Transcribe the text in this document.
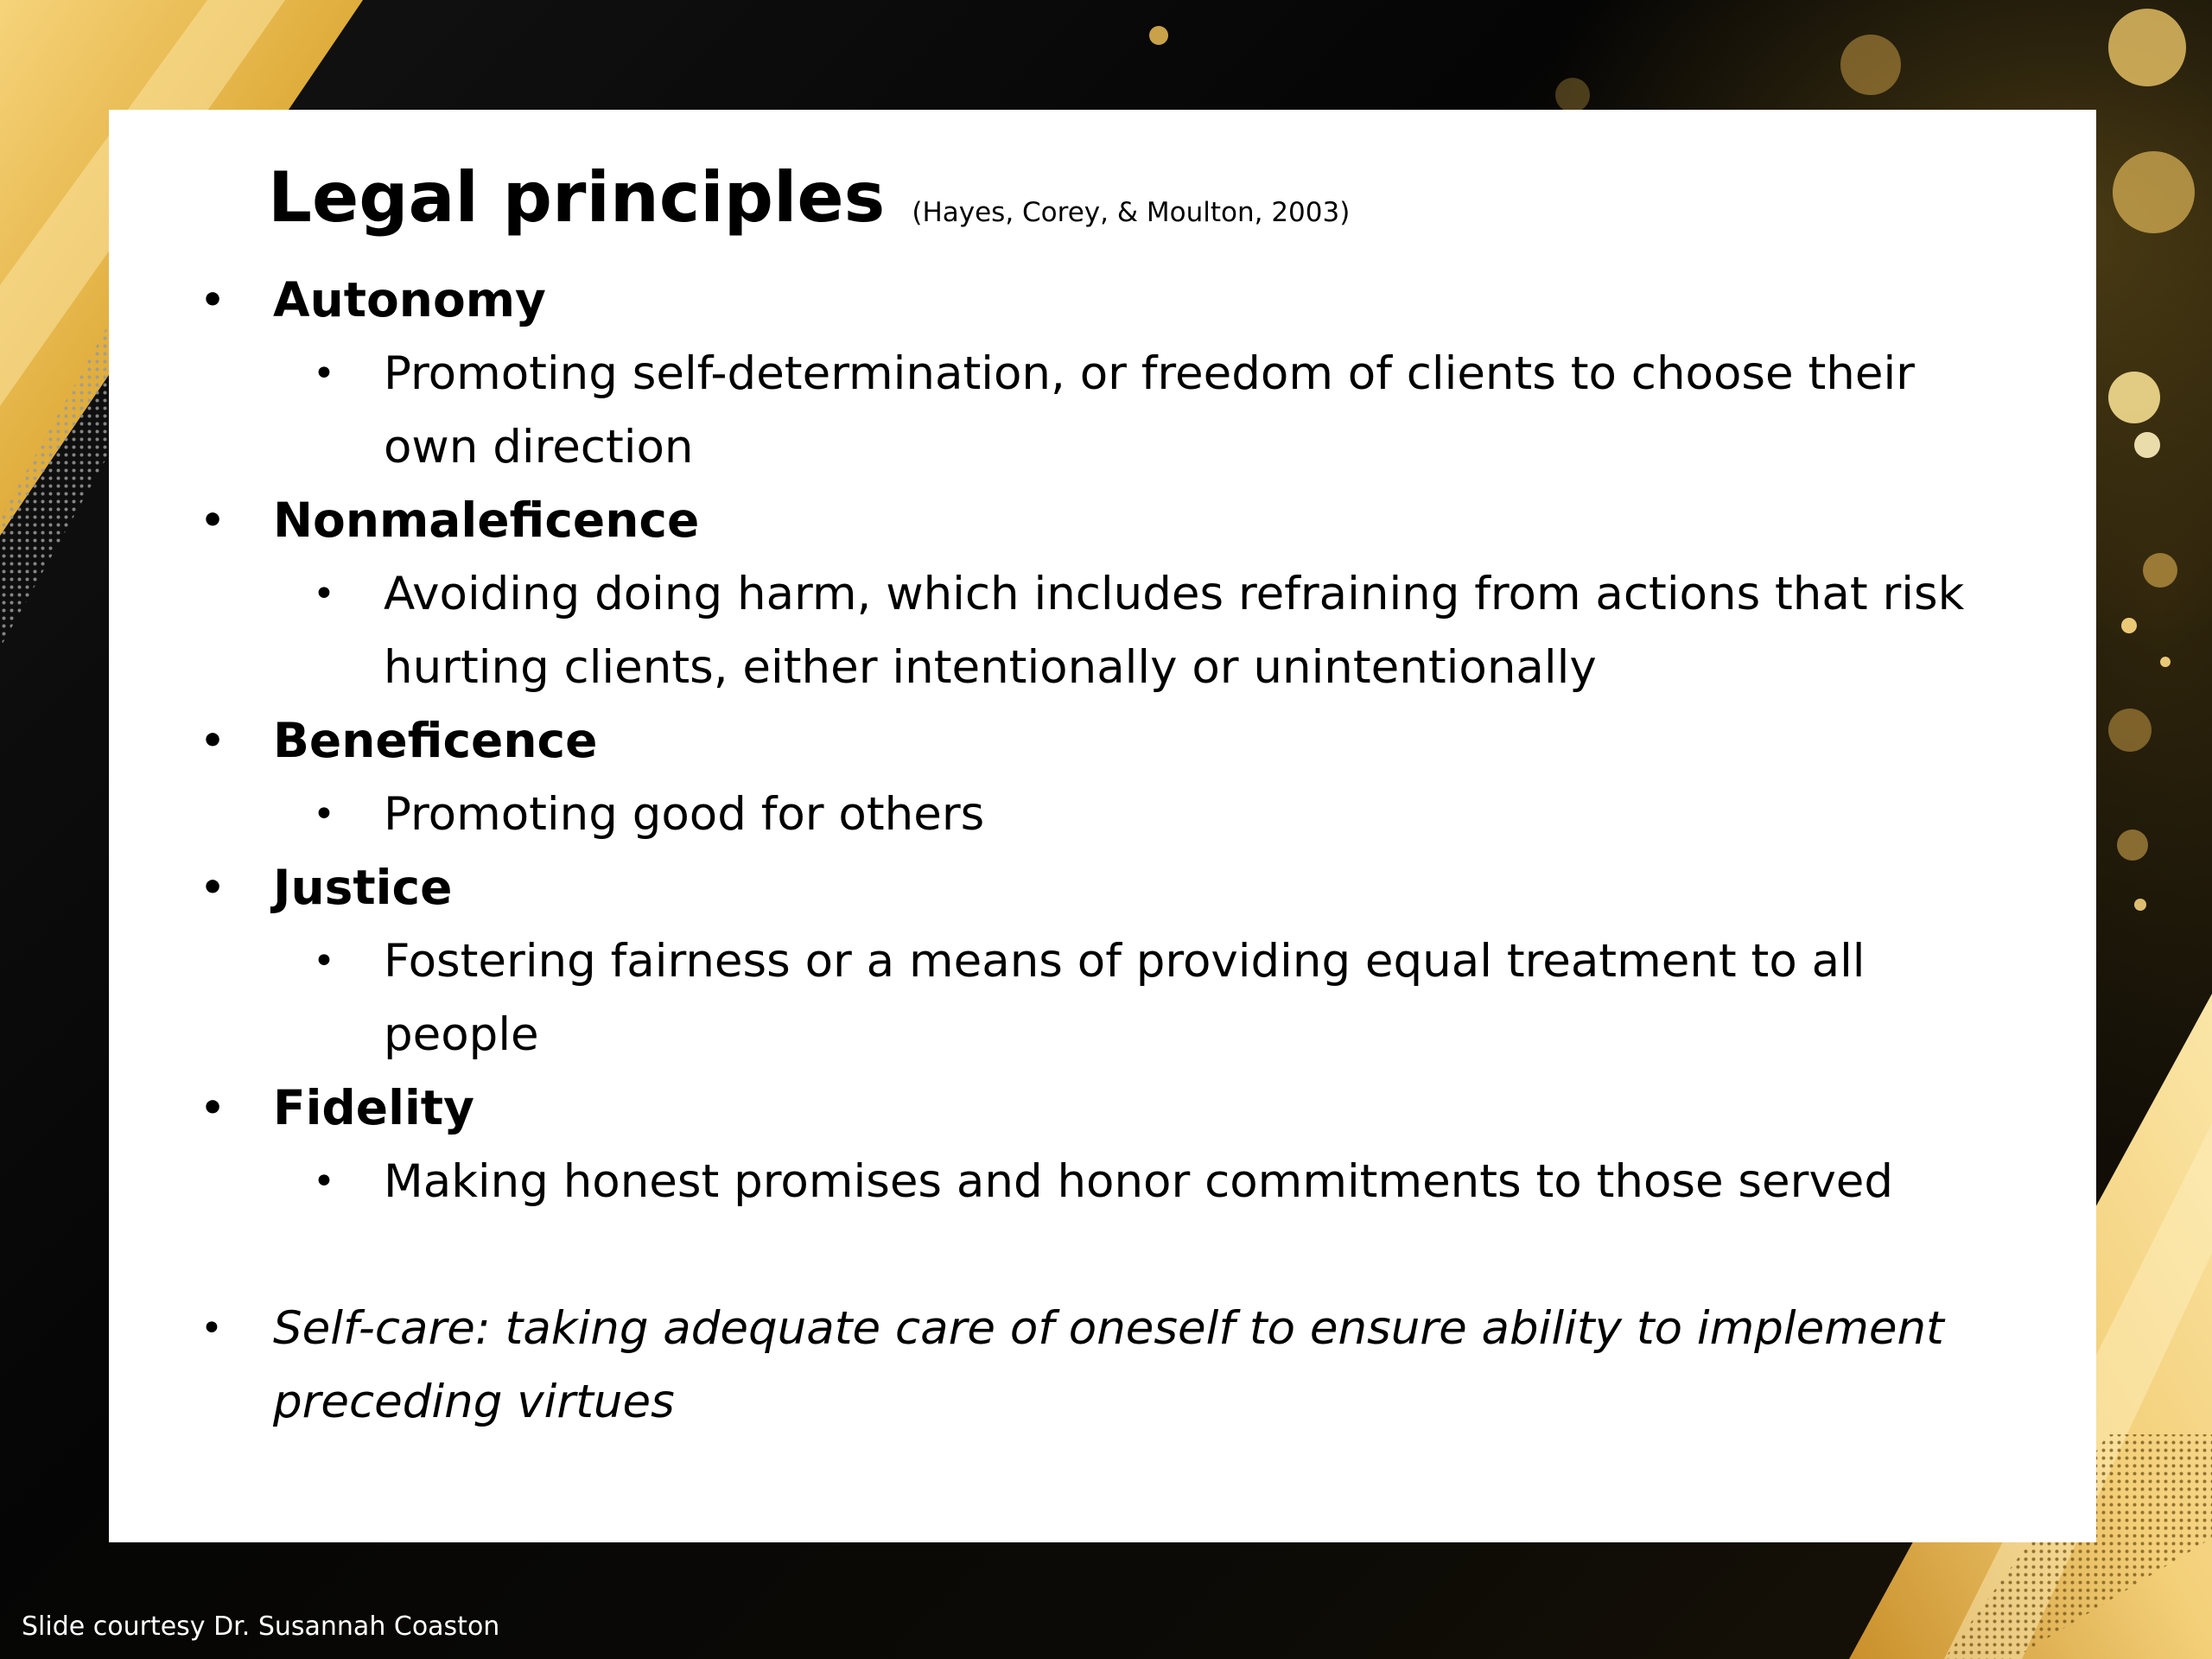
Legal principles (Hayes, Corey, & Moulton, 2003)
• Autonomy
• Promoting self-determination, or freedom of clients to choose their
own direction
• Nonmaleficence
• Avoiding doing harm, which includes refraining from actions that risk
hurting clients, either intentionally or unintentionally
• Beneficence
• Promoting good for others
• Justice
• Fostering fairness or a means of providing equal treatment to all
people
• Fidelity
• Making honest promises and honor commitments to those served
• Self-care: taking adequate care of oneself to ensure ability to implement
preceding virtues
Slide courtesy Dr. Susannah Coaston
